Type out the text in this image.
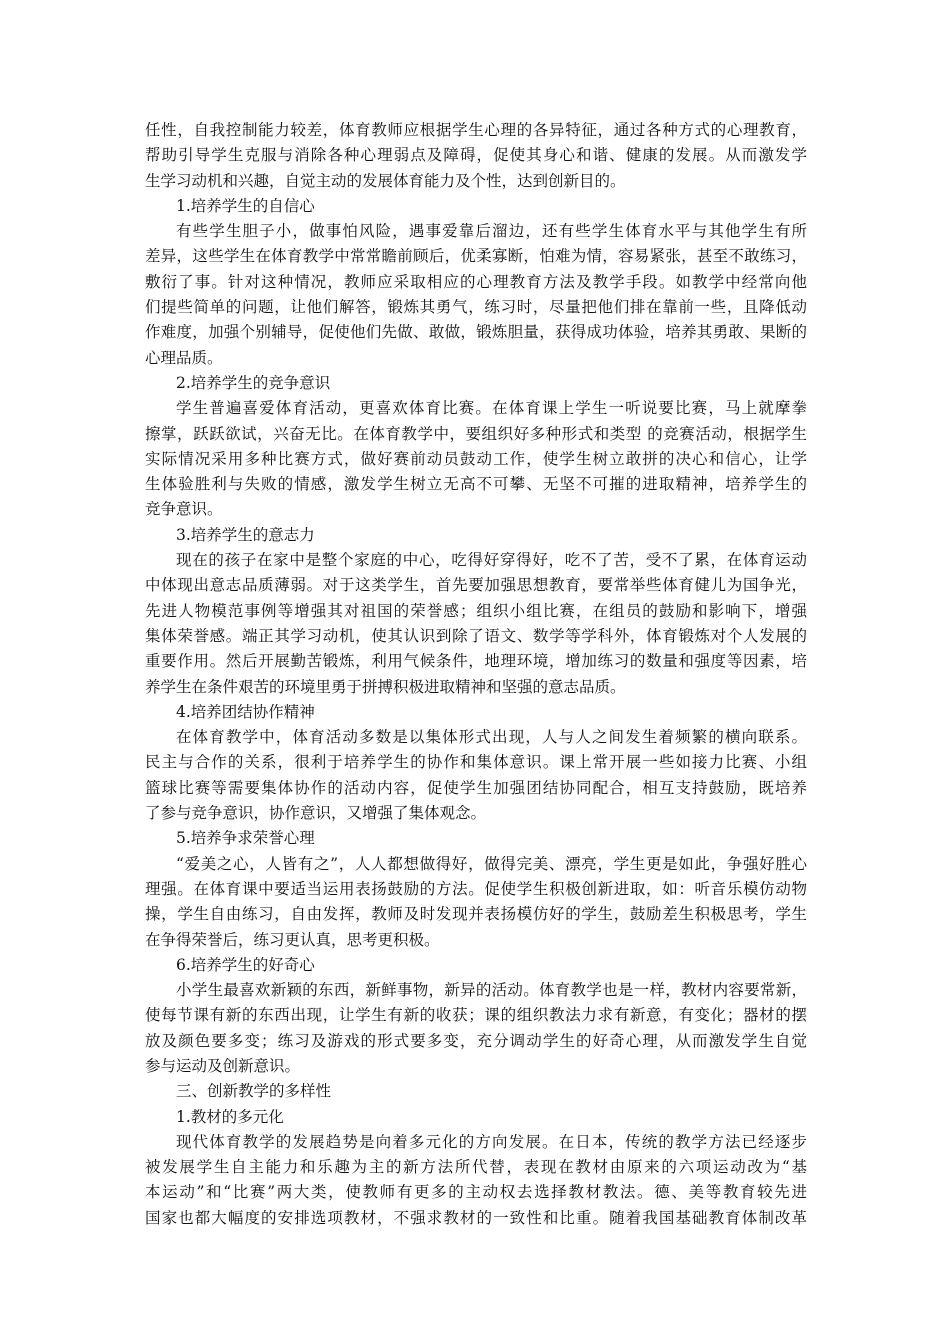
任性，自我控制能力较差，体育教师应根据学生心理的各异特征，通过各种方式的心理教育，
帮助引导学生克服与消除各种心理弱点及障碍，促使其身心和谐、健康的发展。从而激发学
生学习动机和兴趣，自觉主动的发展体育能力及个性，达到创新目的。
1.培养学生的自信心
有些学生胆子小，做事怕风险，遇事爱靠后溜边，还有些学生体育水平与其他学生有所
差异，这些学生在体育教学中常常瞻前顾后，优柔寡断，怕难为情，容易紧张，甚至不敢练习，
敷衍了事。针对这种情况，教师应采取相应的心理教育方法及教学手段。如教学中经常向他
们提些简单的问题，让他们解答，锻炼其勇气，练习时，尽量把他们排在靠前一些，且降低动
作难度，加强个别辅导，促使他们先做、敢做，锻炼胆量，获得成功体验，培养其勇敢、果断的
心理品质。
2.培养学生的竞争意识
学生普遍喜爱体育活动，更喜欢体育比赛。在体育课上学生一听说要比赛，马上就摩拳
擦掌，跃跃欲试，兴奋无比。在体育教学中，要组织好多种形式和类型 的竞赛活动，根据学生
实际情况采用多种比赛方式，做好赛前动员鼓动工作，使学生树立敢拼的决心和信心，让学
生体验胜利与失败的情感，激发学生树立无高不可攀、无坚不可摧的进取精神，培养学生的
竞争意识。
3.培养学生的意志力
现在的孩子在家中是整个家庭的中心，吃得好穿得好，吃不了苦，受不了累，在体育运动
中体现出意志品质薄弱。对于这类学生，首先要加强思想教育，要常举些体育健儿为国争光，
先进人物模范事例等增强其对祖国的荣誉感；组织小组比赛，在组员的鼓励和影响下，增强
集体荣誉感。端正其学习动机，使其认识到除了语文、数学等学科外，体育锻炼对个人发展的
重要作用。然后开展勤苦锻炼，利用气候条件，地理环境，增加练习的数量和强度等因素，培
养学生在条件艰苦的环境里勇于拼搏积极进取精神和坚强的意志品质。
4.培养团结协作精神
在体育教学中，体育活动多数是以集体形式出现，人与人之间发生着频繁的横向联系。
民主与合作的关系，很利于培养学生的协作和集体意识。课上常开展一些如接力比赛、小组
篮球比赛等需要集体协作的活动内容，促使学生加强团结协同配合，相互支持鼓励，既培养
了参与竞争意识，协作意识，又增强了集体观念。
5.培养争求荣誉心理
“爱美之心，人皆有之”，人人都想做得好，做得完美、漂亮，学生更是如此，争强好胜心
理强。在体育课中要适当运用表扬鼓励的方法。促使学生积极创新进取，如：听音乐模仿动物
操，学生自由练习，自由发挥，教师及时发现并表扬模仿好的学生，鼓励差生积极思考，学生
在争得荣誉后，练习更认真，思考更积极。
6.培养学生的好奇心
小学生最喜欢新颖的东西，新鲜事物，新异的活动。体育教学也是一样，教材内容要常新，
使每节课有新的东西出现，让学生有新的收获；课的组织教法力求有新意，有变化；器材的摆
放及颜色要多变；练习及游戏的形式要多变，充分调动学生的好奇心理，从而激发学生自觉
参与运动及创新意识。
三、创新教学的多样性
1.教材的多元化
现代体育教学的发展趋势是向着多元化的方向发展。在日本，传统的教学方法已经逐步
被发展学生自主能力和乐趣为主的新方法所代替，表现在教材由原来的六项运动改为“基
本运动”和“比赛”两大类，使教师有更多的主动权去选择教材教法。德、美等教育较先进
国家也都大幅度的安排选项教材，不强求教材的一致性和比重。随着我国基础教育体制改革
